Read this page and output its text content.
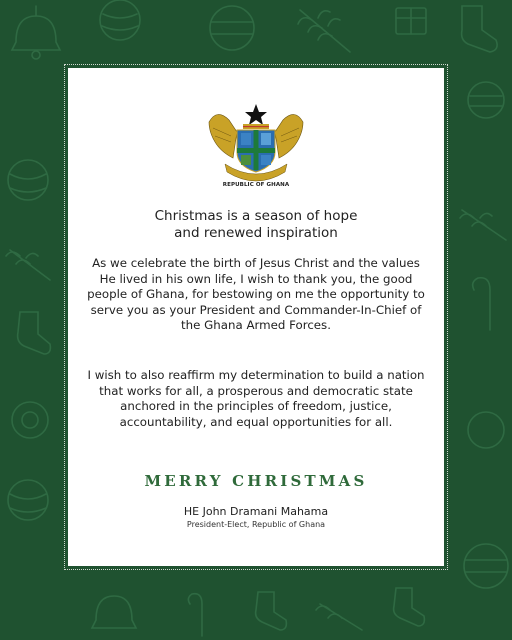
REPUBLIC OF GHANA
Christmas is a season of hope
and renewed inspiration
As we celebrate the birth of Jesus Christ and the values He lived in his own life, I wish to thank you, the good people of Ghana, for bestowing on me the opportunity to serve you as your President and Commander-In-Chief of the Ghana Armed Forces.
I wish to also reaffirm my determination to build a nation that works for all, a prosperous and democratic state anchored in the principles of freedom, justice, accountability, and equal opportunities for all.
MERRY CHRISTMAS
HE John Dramani Mahama
President-Elect, Republic of Ghana
